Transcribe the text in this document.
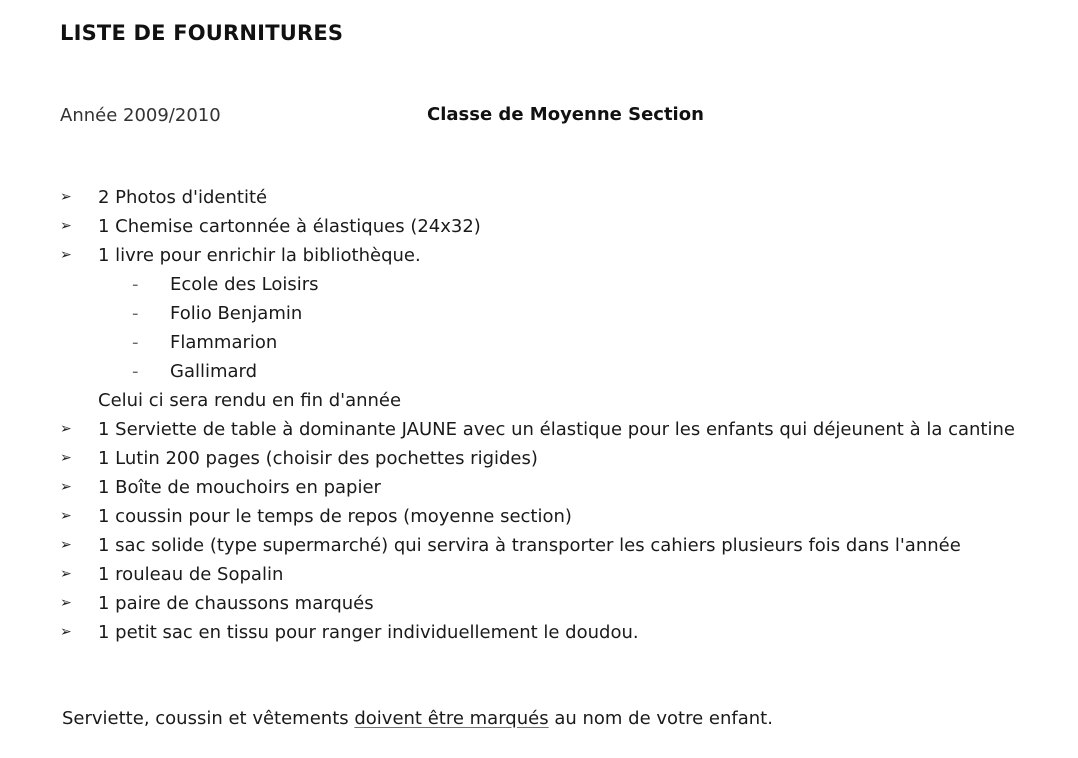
LISTE DE FOURNITURES
Année 2009/2010	Classe de Moyenne Section
➢	2 Photos d'identité
➢	1 Chemise cartonnée à élastiques (24x32)
➢	1 livre pour enrichir la bibliothèque.
- Ecole des Loisirs
- Folio Benjamin
- Flammarion
- Gallimard
Celui ci sera rendu en fin d'année
➢	1 Serviette de table à dominante JAUNE avec un élastique pour les enfants qui déjeunent à la cantine
➢	1 Lutin 200 pages (choisir des pochettes rigides)
➢	1 Boîte de mouchoirs en papier
➢	1 coussin pour le temps de repos (moyenne section)
➢	1 sac solide (type supermarché) qui servira à transporter les cahiers plusieurs fois dans l'année
➢	1 rouleau de Sopalin
➢	1 paire de chaussons marqués
➢	1 petit sac en tissu pour ranger individuellement le doudou.
Serviette, coussin et vêtements doivent être marqués au nom de votre enfant.
